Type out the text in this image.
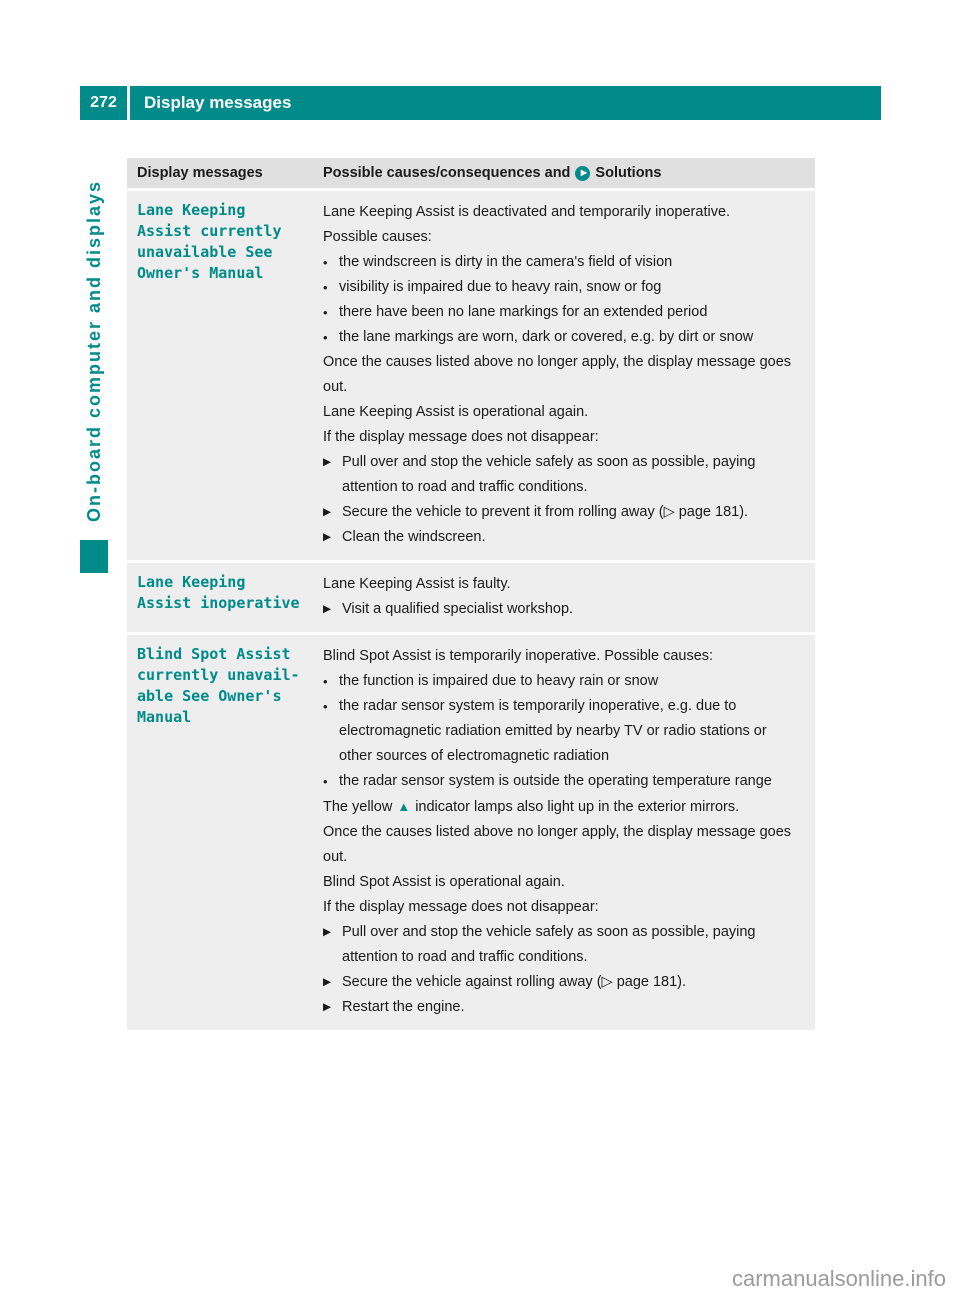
272 Display messages
On-board computer and displays
Display messages	Possible causes/consequences and ▶ Solutions
Lane Keeping
Assist currently
unavailable See
Owner's Manual

Lane Keeping Assist is deactivated and temporarily inoperative.

Possible causes:

• the windscreen is dirty in the camera's field of vision
• visibility is impaired due to heavy rain, snow or fog
• there have been no lane markings for an extended period
• the lane markings are worn, dark or covered, e.g. by dirt or snow

Once the causes listed above no longer apply, the display message goes out.

Lane Keeping Assist is operational again.

If the display message does not disappear:

▶ Pull over and stop the vehicle safely as soon as possible, paying attention to road and traffic conditions.
▶ Secure the vehicle to prevent it from rolling away (▷ page 181).
▶ Clean the windscreen.
Lane Keeping
Assist inoperative

Lane Keeping Assist is faulty.

▶ Visit a qualified specialist workshop.
Blind Spot Assist
currently unavail-
able See Owner's
Manual

Blind Spot Assist is temporarily inoperative. Possible causes:

• the function is impaired due to heavy rain or snow
• the radar sensor system is temporarily inoperative, e.g. due to electromagnetic radiation emitted by nearby TV or radio stations or other sources of electromagnetic radiation
• the radar sensor system is outside the operating temperature range

The yellow ▲ indicator lamps also light up in the exterior mirrors.

Once the causes listed above no longer apply, the display message goes out.

Blind Spot Assist is operational again.

If the display message does not disappear:

▶ Pull over and stop the vehicle safely as soon as possible, paying attention to road and traffic conditions.
▶ Secure the vehicle against rolling away (▷ page 181).
▶ Restart the engine.
carmanualsonline.info
